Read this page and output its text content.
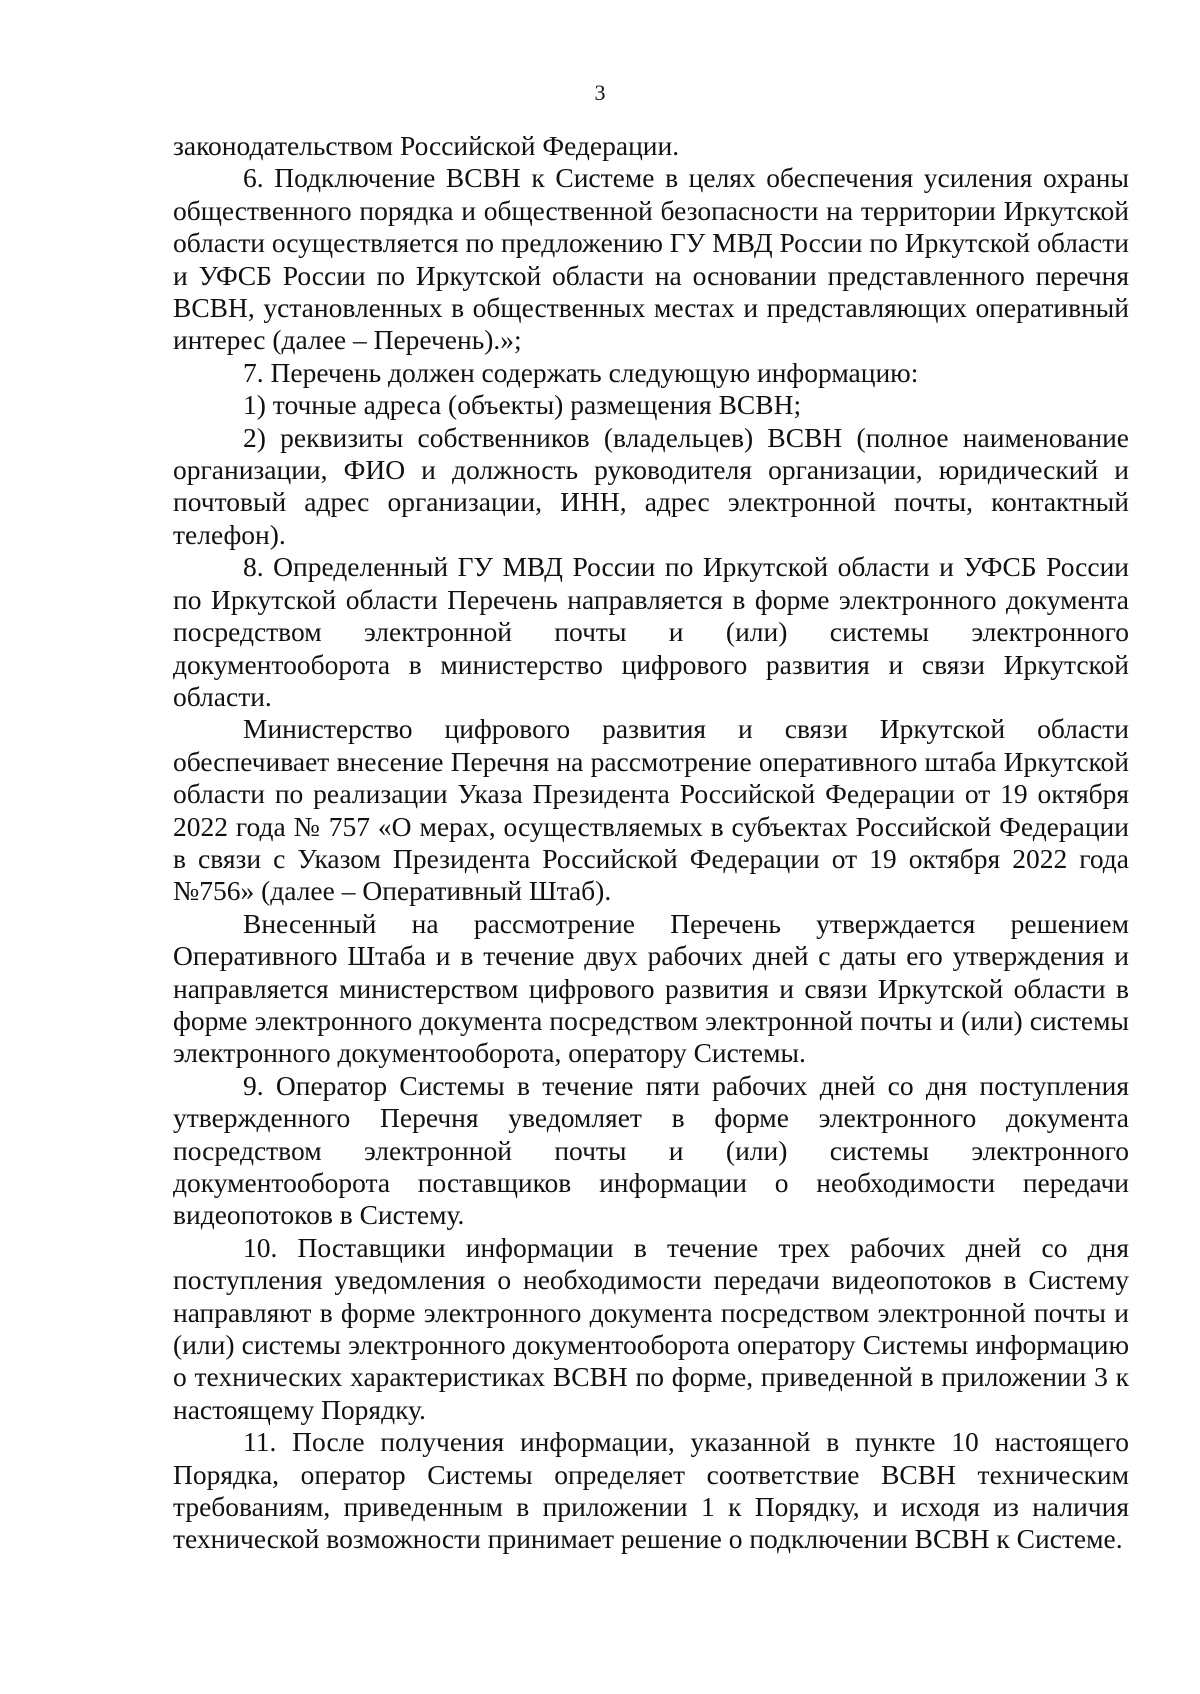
3

законодательством Российской Федерации.

6. Подключение ВСВН к Системе в целях обеспечения усиления охраны общественного порядка и общественной безопасности на территории Иркутской области осуществляется по предложению ГУ МВД России по Иркутской области и УФСБ России по Иркутской области на основании представленного перечня ВСВН, установленных в общественных местах и представляющих оперативный интерес (далее – Перечень).»;

7. Перечень должен содержать следующую информацию:

1) точные адреса (объекты) размещения ВСВН;

2) реквизиты собственников (владельцев) ВСВН (полное наименование организации, ФИО и должность руководителя организации, юридический и почтовый адрес организации, ИНН, адрес электронной почты, контактный телефон).

8. Определенный ГУ МВД России по Иркутской области и УФСБ России по Иркутской области Перечень направляется в форме электронного документа посредством электронной почты и (или) системы электронного документооборота в министерство цифрового развития и связи Иркутской области.

Министерство цифрового развития и связи Иркутской области обеспечивает внесение Перечня на рассмотрение оперативного штаба Иркутской области по реализации Указа Президента Российской Федерации от 19 октября 2022 года № 757 «О мерах, осуществляемых в субъектах Российской Федерации в связи с Указом Президента Российской Федерации от 19 октября 2022 года №756» (далее – Оперативный Штаб).

Внесенный на рассмотрение Перечень утверждается решением Оперативного Штаба и в течение двух рабочих дней с даты его утверждения и направляется министерством цифрового развития и связи Иркутской области в форме электронного документа посредством электронной почты и (или) системы электронного документооборота, оператору Системы.

9. Оператор Системы в течение пяти рабочих дней со дня поступления утвержденного Перечня уведомляет в форме электронного документа посредством электронной почты и (или) системы электронного документооборота поставщиков информации о необходимости передачи видеопотоков в Систему.

10. Поставщики информации в течение трех рабочих дней со дня поступления уведомления о необходимости передачи видеопотоков в Систему направляют в форме электронного документа посредством электронной почты и (или) системы электронного документооборота оператору Системы информацию о технических характеристиках ВСВН по форме, приведенной в приложении 3 к настоящему Порядку.

11. После получения информации, указанной в пункте 10 настоящего Порядка, оператор Системы определяет соответствие ВСВН техническим требованиям, приведенным в приложении 1 к Порядку, и исходя из наличия технической возможности принимает решение о подключении ВСВН к Системе.
